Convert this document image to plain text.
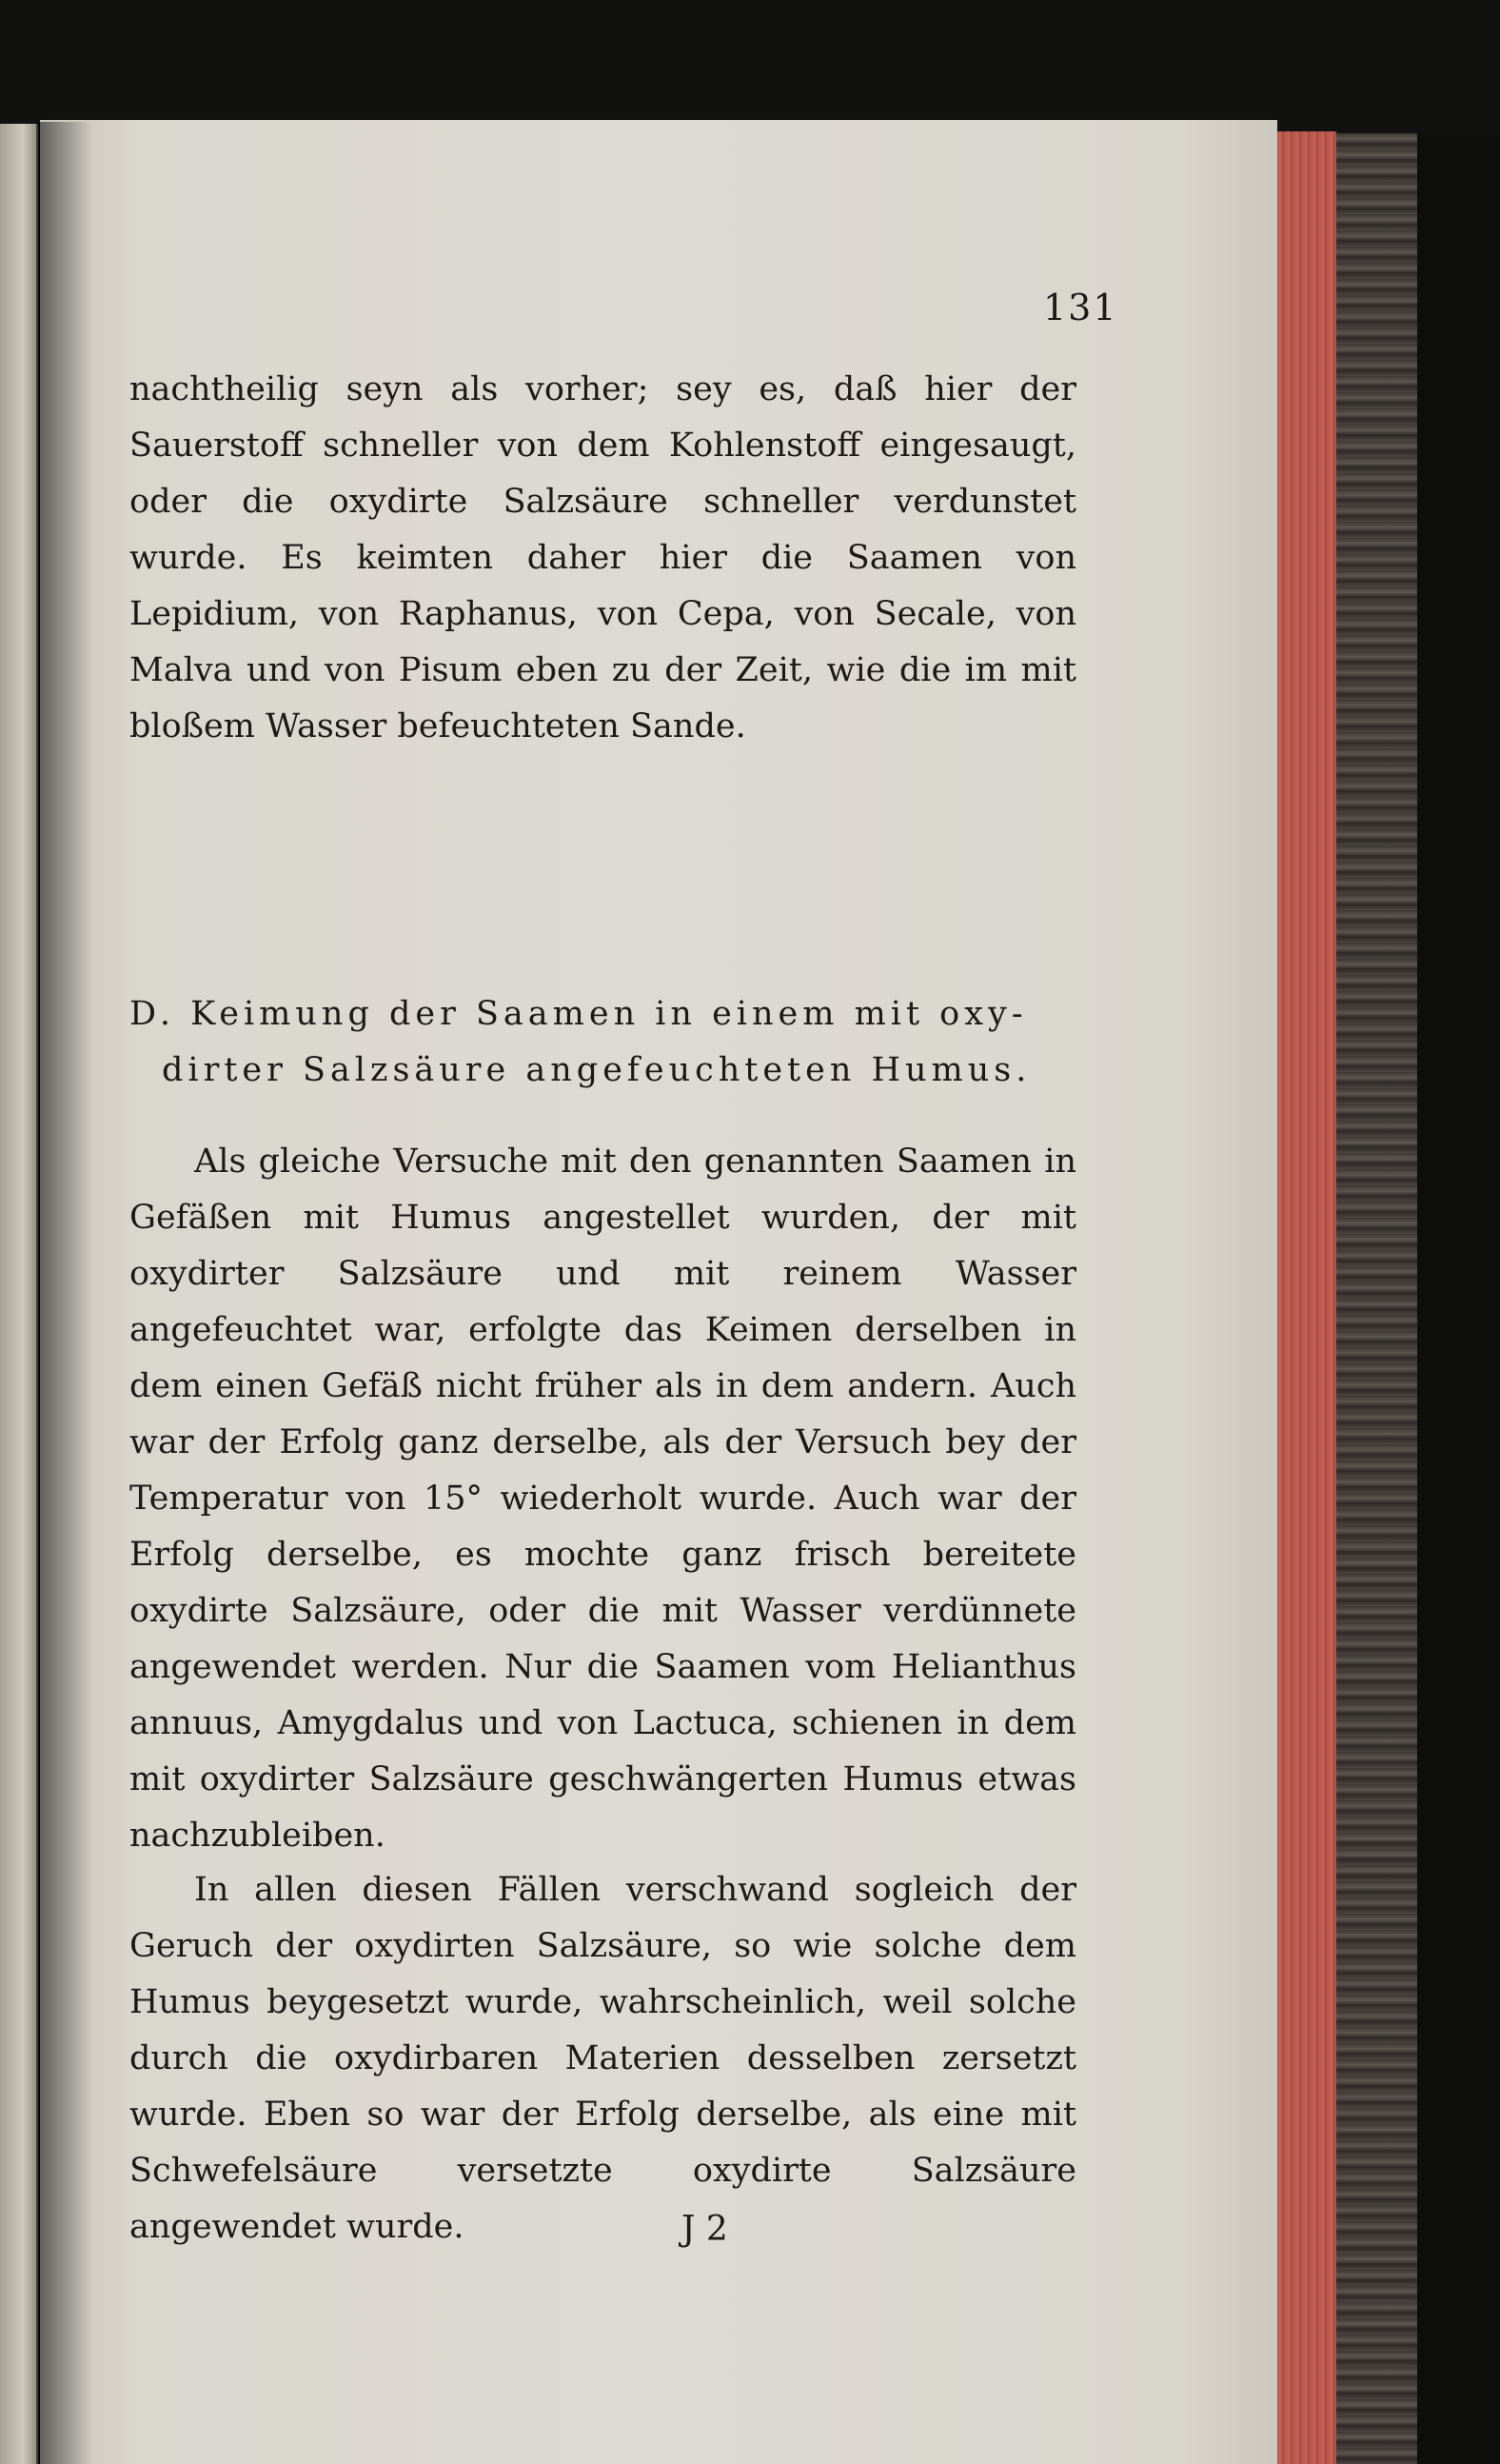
131

nachtheilig seyn als vorher; sey es, daß hier der Sauerstoff schneller von dem Kohlenstoff eingesaugt, oder die oxydirte Salzsäure schneller verdunstet wurde. Es keimten daher hier die Saamen von Lepidium, von Raphanus, von Cepa, von Secale, von Malva und von Pisum eben zu der Zeit, wie die im mit bloßem Wasser befeuchteten Sande.

D. Keimung der Saamen in einem mit oxy-
dirter Salzsäure angefeuchteten Humus.

Als gleiche Versuche mit den genannten Saamen in Gefäßen mit Humus angestellet wurden, der mit oxydirter Salzsäure und mit reinem Wasser angefeuchtet war, erfolgte das Keimen derselben in dem einen Gefäß nicht früher als in dem andern. Auch war der Erfolg ganz derselbe, als der Versuch bey der Temperatur von 15° wiederholt wurde. Auch war der Erfolg derselbe, es mochte ganz frisch bereitete oxydirte Salzsäure, oder die mit Wasser verdünnete angewendet werden. Nur die Saamen vom Helianthus annuus, Amygdalus und von Lactuca, schienen in dem mit oxydirter Salzsäure geschwängerten Humus etwas nachzubleiben.

In allen diesen Fällen verschwand sogleich der Geruch der oxydirten Salzsäure, so wie solche dem Humus beygesetzt wurde, wahrscheinlich, weil solche durch die oxydirbaren Materien desselben zersetzt wurde. Eben so war der Erfolg derselbe, als eine mit Schwefelsäure versetzte oxydirte Salzsäure angewendet wurde.	J 2
